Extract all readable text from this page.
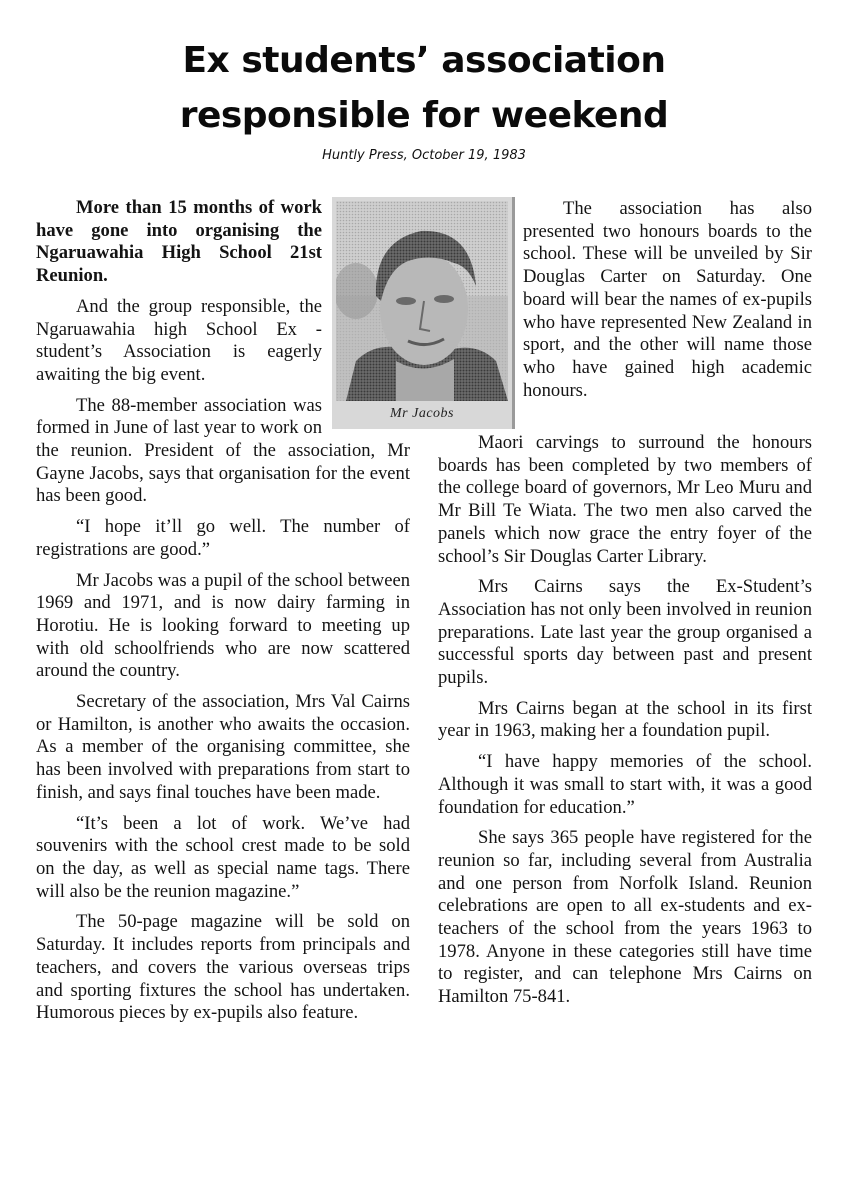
Ex students’ association
responsible for weekend
Huntly Press, October 19, 1983
Mr Jacobs

More than 15 months of work have gone into organising the Ngaruawahia High School 21st Reunion.

And the group responsible, the Ngaruawahia high School Ex -student’s Association is eagerly awaiting the big event.

The 88-member association was formed in June of last year to work on the reunion. President of the association, Mr Gayne Jacobs, says that organisation for the event has been good.

“I hope it’ll go well. The number of registrations are good.”

Mr Jacobs was a pupil of the school between 1969 and 1971, and is now dairy farming in Horotiu. He is looking forward to meeting up with old schoolfriends who are now scattered around the country.

Secretary of the association, Mrs Val Cairns or Hamilton, is another who awaits the occasion. As a member of the organising committee, she has been involved with preparations from start to finish, and says final touches have been made.

“It’s been a lot of work. We’ve had souvenirs with the school crest made to be sold on the day, as well as special name tags. There will also be the reunion magazine.”

The 50-page magazine will be sold on Saturday. It includes reports from principals and teachers, and covers the various overseas trips and sporting fixtures the school has undertaken. Humorous pieces by ex-pupils also feature.

The association has also presented two honours boards to the school. These will be unveiled by Sir Douglas Carter on Saturday. One board will bear the names of ex-pupils who have represented New Zealand in sport, and the other will name those who have gained high academic honours.

Maori carvings to surround the honours boards has been completed by two members of the college board of governors, Mr Leo Muru and Mr Bill Te Wiata. The two men also carved the panels which now grace the entry foyer of the school’s Sir Douglas Carter Library.

Mrs Cairns says the Ex-Student’s Association has not only been involved in reunion preparations. Late last year the group organised a successful sports day between past and present pupils.

Mrs Cairns began at the school in its first year in 1963, making her a foundation pupil.

“I have happy memories of the school. Although it was small to start with, it was a good foundation for education.”

She says 365 people have registered for the reunion so far, including several from Australia and one person from Norfolk Island. Reunion celebrations are open to all ex-students and ex-teachers of the school from the years 1963 to 1978. Anyone in these categories still have time to register, and can telephone Mrs Cairns on Hamilton 75-841.
